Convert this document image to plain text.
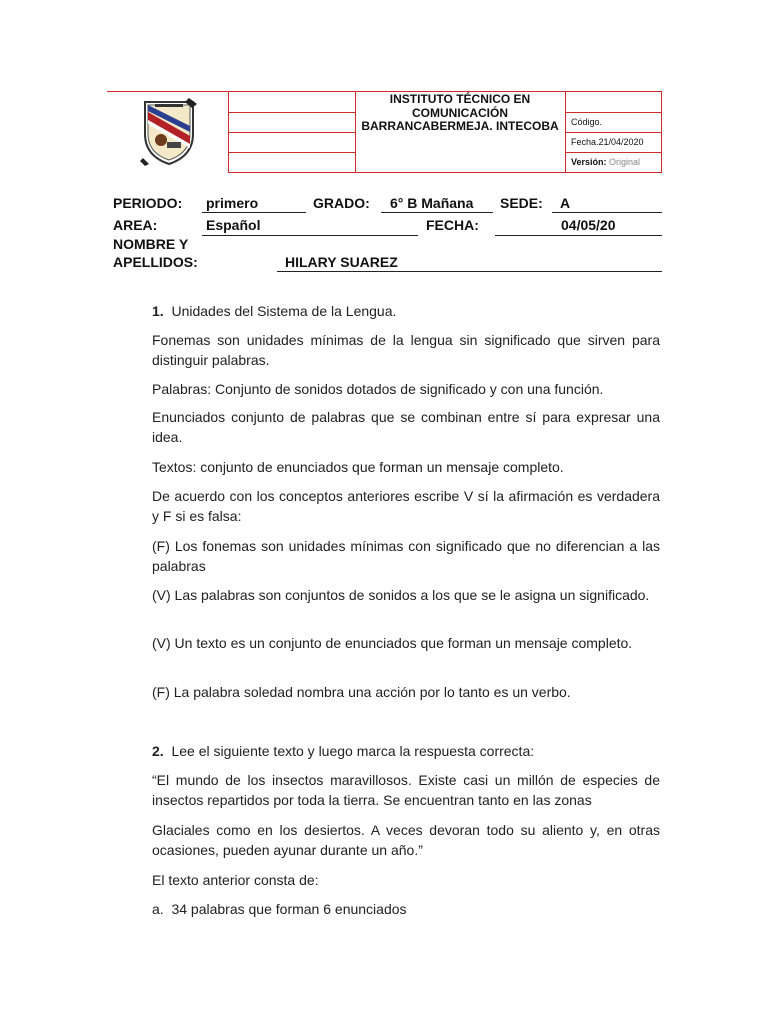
INSTITUTO TÉCNICO EN COMUNICACIÓN BARRANCABERMEJA. INTECOBA	Código.
Fecha.21/04/2020
Versión: Original
PERIODO: primero	GRADO: 6° B Mañana SEDE: A
AREA:	Español	FECHA:	04/05/20
NOMBRE Y
APELLIDOS:	HILARY SUAREZ
1. Unidades del Sistema de la Lengua.
Fonemas son unidades mínimas de la lengua sin significado que sirven para distinguir palabras.
Palabras: Conjunto de sonidos dotados de significado y con una función.
Enunciados conjunto de palabras que se combinan entre sí para expresar una idea.
Textos: conjunto de enunciados que forman un mensaje completo.
De acuerdo con los conceptos anteriores escribe V sí la afirmación es verdadera y F si es falsa:
(F) Los fonemas son unidades mínimas con significado que no diferencian a las palabras
(V) Las palabras son conjuntos de sonidos a los que se le asigna un significado.
(V) Un texto es un conjunto de enunciados que forman un mensaje completo.
(F) La palabra soledad nombra una acción por lo tanto es un verbo.
2. Lee el siguiente texto y luego marca la respuesta correcta:
“El mundo de los insectos maravillosos. Existe casi un millón de especies de insectos repartidos por toda la tierra. Se encuentran tanto en las zonas
Glaciales como en los desiertos. A veces devoran todo su aliento y, en otras ocasiones, pueden ayunar durante un año.”
El texto anterior consta de:
a. 34 palabras que forman 6 enunciados
